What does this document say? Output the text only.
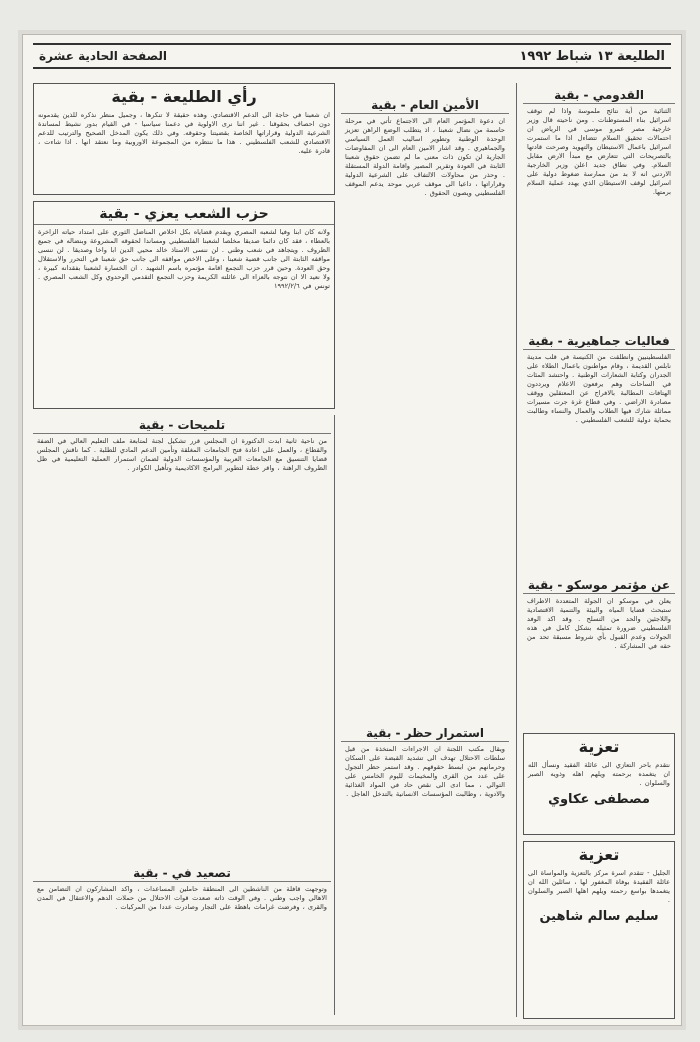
الطليعة ١٣ شباط ١٩٩٢
الصفحة الحادية عشرة
القدومي - بقية
الثنائية من أية نتائج ملموسة واذا لم توقف اسرائيل بناء المستوطنات . ومن ناحيته قال وزير خارجية مصر عمرو موسى في الرياض ان احتمالات تحقيق السلام تتضاءل اذا ما استمرت اسرائيل باعمال الاستيطان والتهويد وصرحت قادتها بالتصريحات التي تتعارض مع مبدأ الارض مقابل السلام. وفي نطاق جديد اعلن وزير الخارجية الاردني انه لا بد من ممارسة ضغوط دولية على اسرائيل لوقف الاستيطان الذي يهدد عملية السلام برمتها.
فعاليات جماهيرية - بقية
الفلسطينيين وانطلقت من الكنيسة في قلب مدينة نابلس القديمة ، وقام مواطنون باعمال الطلاء على الجدران وكتابة الشعارات الوطنية . واحتشد المئات في الساحات وهم يرفعون الاعلام ويرددون الهتافات المطالبة بالافراج عن المعتقلين ووقف مصادرة الاراضي . وفي قطاع غزة جرت مسيرات مماثلة شارك فيها الطلاب والعمال والنساء وطالبت بحماية دولية للشعب الفلسطيني .
عن مؤتمر موسكو - بقية
يعلن في موسكو ان الجولة المتعددة الاطراف ستبحث قضايا المياه والبيئة والتنمية الاقتصادية واللاجئين والحد من التسلح . وقد اكد الوفد الفلسطيني ضرورة تمثيله بشكل كامل في هذه الجولات وعدم القبول بأي شروط مسبقة تحد من حقه في المشاركة .
تعزية
نتقدم باحر التعازي الى عائلة الفقيد ونسأل الله ان يتغمده برحمته ويلهم اهله وذويه الصبر والسلوان .
مصطفى عكاوي
تعزية
الجليل - تتقدم اسرة مركز بالتعزية والمواساة الى عائلة الفقيدة بوفاة المغفور لها ، سائلين الله ان يتغمدها بواسع رحمته ويلهم اهلها الصبر والسلوان .
سليم سالم شاهين
رأي الطليعة - بقية
ان شعبنا في حاجة الى الدعم الاقتصادي. وهذه حقيقة لا تنكرها ، وجميل منظر نذكره للذين يقدمونه دون احصاف بحقوقنا . غير اننا نرى الاولوية في دعمنا سياسيا - في القيام بدور نشيط لمساندة الشرعية الدولية وقراراتها الخاصة بقضيتنا وحقوقه. وفي ذلك يكون المدخل الصحيح والترتيب للدعم الاقتصادي للشعب الفلسطيني . هذا ما ننتظره من المجموعة الاوروبية وما نعتقد انها . اذا شاءت ، قادرة عليه.
حزب الشعب يعزي - بقية
ولانه كان ابنا وفيا لشعبه المصري ويقدم قضاياه بكل اخلاص المناضل الثوري على امتداد حياته الزاخرة بالعطاء ، فقد كان دائما صديقا مخلصا لشعبنا الفلسطيني ومساندا لحقوقه المشروعة وبنضاله في جميع الظروف . ويتجاهد في شعب وطني . لن ننسى الاستاذ خالد محيي الدين ابا واخا وصديقا . لن ننسى مواقفه الثابتة الى جانب قضية شعبنا ، وعلى الاخص مواقفه الى جانب حق شعبنا في التحرر والاستقلال وحق العودة. وحين قرر حزب التجمع اقامة مؤتمره باسم الشهيد . ان الخسارة لشعبنا بفقدانه كبيرة ، ولا نعيد الا ان نتوجه بالعزاء الى عائلته الكريمة وحزب التجمع التقدمي الوحدوي وكل الشعب المصري . تونس في ١٩٩٢/٢/٦
الأمين العام - بقية
ان دعوة المؤتمر العام الى الاجتماع تأتي في مرحلة حاسمة من نضال شعبنا ، اذ يتطلب الوضع الراهن تعزيز الوحدة الوطنية وتطوير اساليب العمل السياسي والجماهيري . وقد اشار الامين العام الى ان المفاوضات الجارية لن تكون ذات معنى ما لم تضمن حقوق شعبنا الثابتة في العودة وتقرير المصير واقامة الدولة المستقلة . وحذر من محاولات الالتفاف على الشرعية الدولية وقراراتها ، داعيا الى موقف عربي موحد يدعم الموقف الفلسطيني ويصون الحقوق .
تلميحات - بقية
من ناحية ثانية ابدت الدكتورة ان المجلس قرر تشكيل لجنة لمتابعة ملف التعليم العالي في الضفة والقطاع ، والعمل على اعادة فتح الجامعات المغلقة وتأمين الدعم المادي للطلبة . كما ناقش المجلس قضايا التنسيق مع الجامعات العربية والمؤسسات الدولية لضمان استمرار العملية التعليمية في ظل الظروف الراهنة ، واقر خطة لتطوير البرامج الاكاديمية وتأهيل الكوادر .
استمرار حظر - بقية
ويقال مكتب اللجنة ان الاجراءات المتخذة من قبل سلطات الاحتلال تهدف الى تشديد القبضة على السكان وحرمانهم من ابسط حقوقهم . وقد استمر حظر التجول على عدد من القرى والمخيمات لليوم الخامس على التوالي ، مما ادى الى نقص حاد في المواد الغذائية والادوية ، وطالبت المؤسسات الانسانية بالتدخل العاجل .
تصعيد في - بقية
وتوجهت قافلة من الناشطين الى المنطقة حاملين المساعدات ، واكد المشاركون ان التضامن مع الاهالي واجب وطني . وفي الوقت ذاته صعدت قوات الاحتلال من حملات الدهم والاعتقال في المدن والقرى ، وفرضت غرامات باهظة على التجار وصادرت عددا من المركبات .
